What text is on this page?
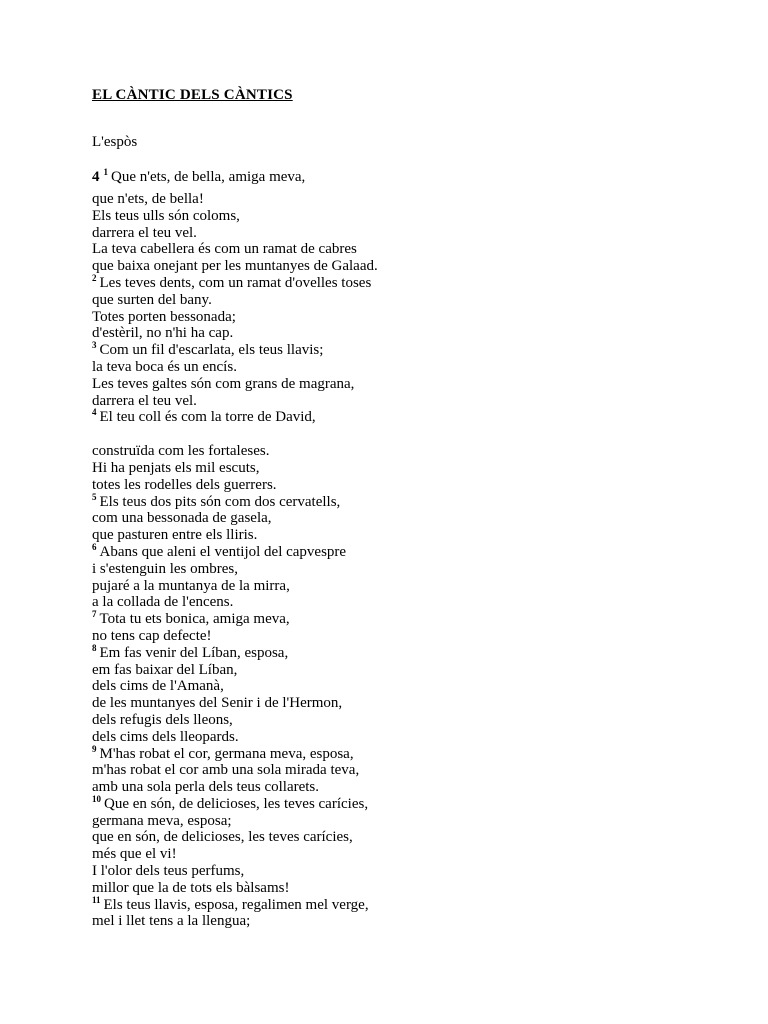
EL CÀNTIC DELS CÀNTICS
L'espòs
4 $^1$ Que n'ets, de bella, amiga meva,
que n'ets, de bella!
Els teus ulls són coloms,
darrera el teu vel.
La teva cabellera és com un ramat de cabres
que baixa onejant per les muntanyes de Galaad.
$^2$ Les teves dents, com un ramat d'ovelles toses
que surten del bany.
Totes porten bessonada;
d'estèril, no n'hi ha cap.
$^3$ Com un fil d'escarlata, els teus llavis;
la teva boca és un encís.
Les teves galtes són com grans de magrana,
darrera el teu vel.
$^4$ El teu coll és com la torre de David,
construïda com les fortaleses.
Hi ha penjats els mil escuts,
totes les rodelles dels guerrers.
$^5$ Els teus dos pits són com dos cervatells,
com una bessonada de gasela,
que pasturen entre els lliris.
$^6$ Abans que aleni el ventijol del capvespre
i s'estenguin les ombres,
pujaré a la muntanya de la mirra,
a la collada de l'encens.
$^7$ Tota tu ets bonica, amiga meva,
no tens cap defecte!
$^8$ Em fas venir del Líban, esposa,
em fas baixar del Líban,
dels cims de l'Amanà,
de les muntanyes del Senir i de l'Hermon,
dels refugis dels lleons,
dels cims dels lleopards.
$^9$ M'has robat el cor, germana meva, esposa,
m'has robat el cor amb una sola mirada teva,
amb una sola perla dels teus collarets.
$^{10}$ Que en són, de delicioses, les teves carícies,
germana meva, esposa;
que en són, de delicioses, les teves carícies,
més que el vi!
I l'olor dels teus perfums,
millor que la de tots els bàlsams!
$^{11}$ Els teus llavis, esposa, regalimen mel verge,
mel i llet tens a la llengua;
